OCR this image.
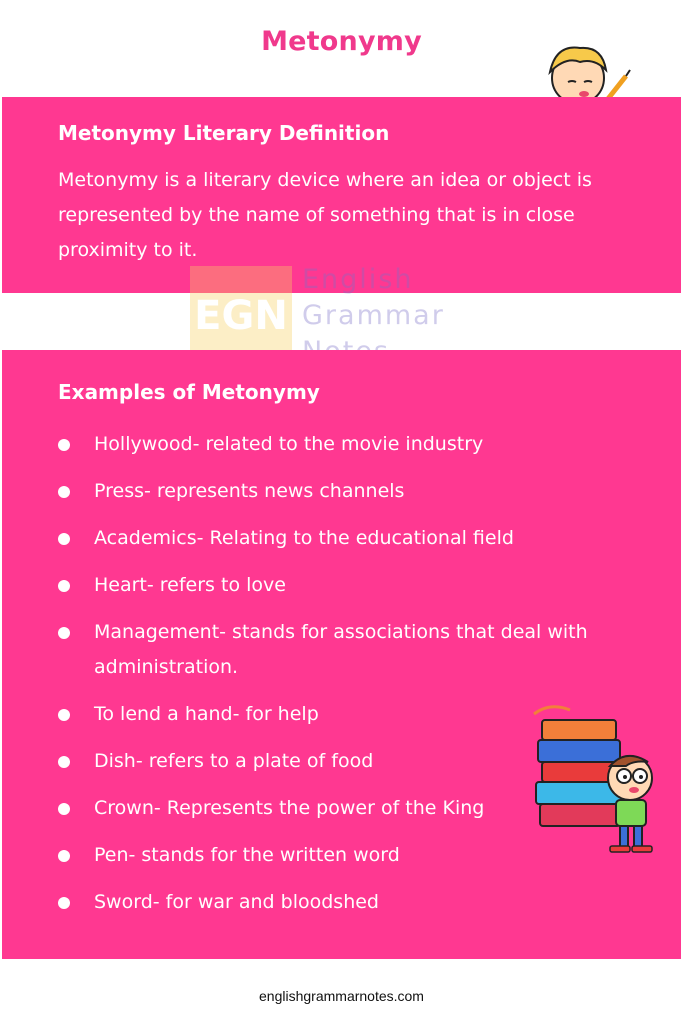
Metonymy
Metonymy Literary Definition

Metonymy is a literary device where an idea or object is represented by the name of something that is in close proximity to it.

EGN
English
Grammar
Examples of Metonymy
Hollywood- related to the movie industry
Press- represents news channels
Academics- Relating to the educational field
Heart- refers to love
Management- stands for associations that deal with administration.
To lend a hand- for help
Dish- refers to a plate of food
Crown- Represents the power of the King
Pen- stands for the written word
Sword- for war and bloodshed
englishgrammarnotes.com
